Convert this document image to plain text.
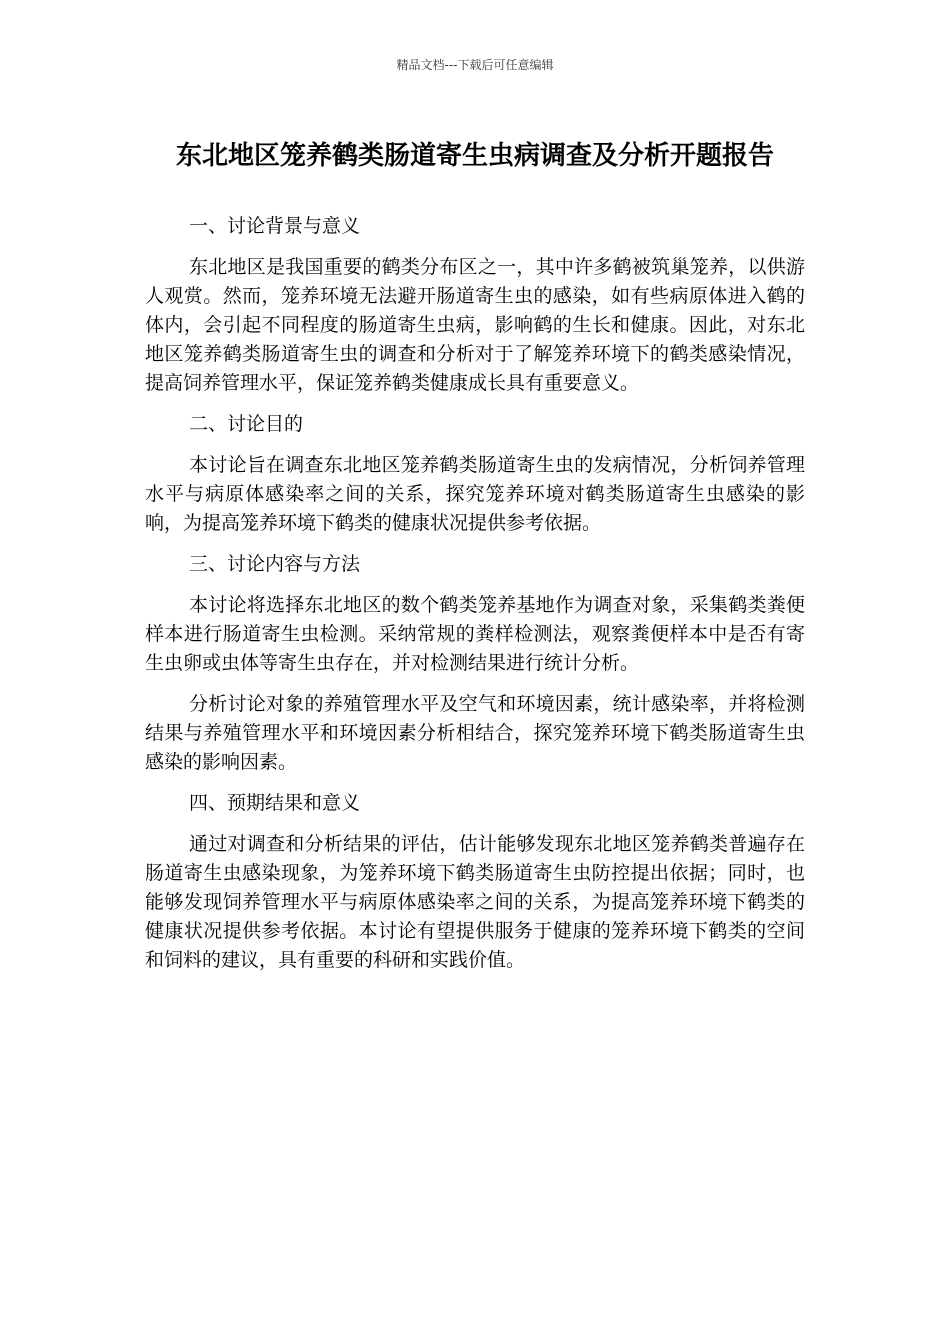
精品文档---下载后可任意编辑
东北地区笼养鹤类肠道寄生虫病调查及分析开题报告

一、讨论背景与意义

东北地区是我国重要的鹤类分布区之一，其中许多鹤被筑巢笼养，以供游人观赏。然而，笼养环境无法避开肠道寄生虫的感染，如有些病原体进入鹤的体内，会引起不同程度的肠道寄生虫病，影响鹤的生长和健康。因此，对东北地区笼养鹤类肠道寄生虫的调查和分析对于了解笼养环境下的鹤类感染情况，提高饲养管理水平，保证笼养鹤类健康成长具有重要意义。

二、讨论目的

本讨论旨在调查东北地区笼养鹤类肠道寄生虫的发病情况，分析饲养管理水平与病原体感染率之间的关系，探究笼养环境对鹤类肠道寄生虫感染的影响，为提高笼养环境下鹤类的健康状况提供参考依据。

三、讨论内容与方法

本讨论将选择东北地区的数个鹤类笼养基地作为调查对象，采集鹤类粪便样本进行肠道寄生虫检测。采纳常规的粪样检测法，观察粪便样本中是否有寄生虫卵或虫体等寄生虫存在，并对检测结果进行统计分析。

分析讨论对象的养殖管理水平及空气和环境因素，统计感染率，并将检测结果与养殖管理水平和环境因素分析相结合，探究笼养环境下鹤类肠道寄生虫感染的影响因素。

四、预期结果和意义

通过对调查和分析结果的评估，估计能够发现东北地区笼养鹤类普遍存在肠道寄生虫感染现象，为笼养环境下鹤类肠道寄生虫防控提出依据；同时，也能够发现饲养管理水平与病原体感染率之间的关系，为提高笼养环境下鹤类的健康状况提供参考依据。本讨论有望提供服务于健康的笼养环境下鹤类的空间和饲料的建议，具有重要的科研和实践价值。
